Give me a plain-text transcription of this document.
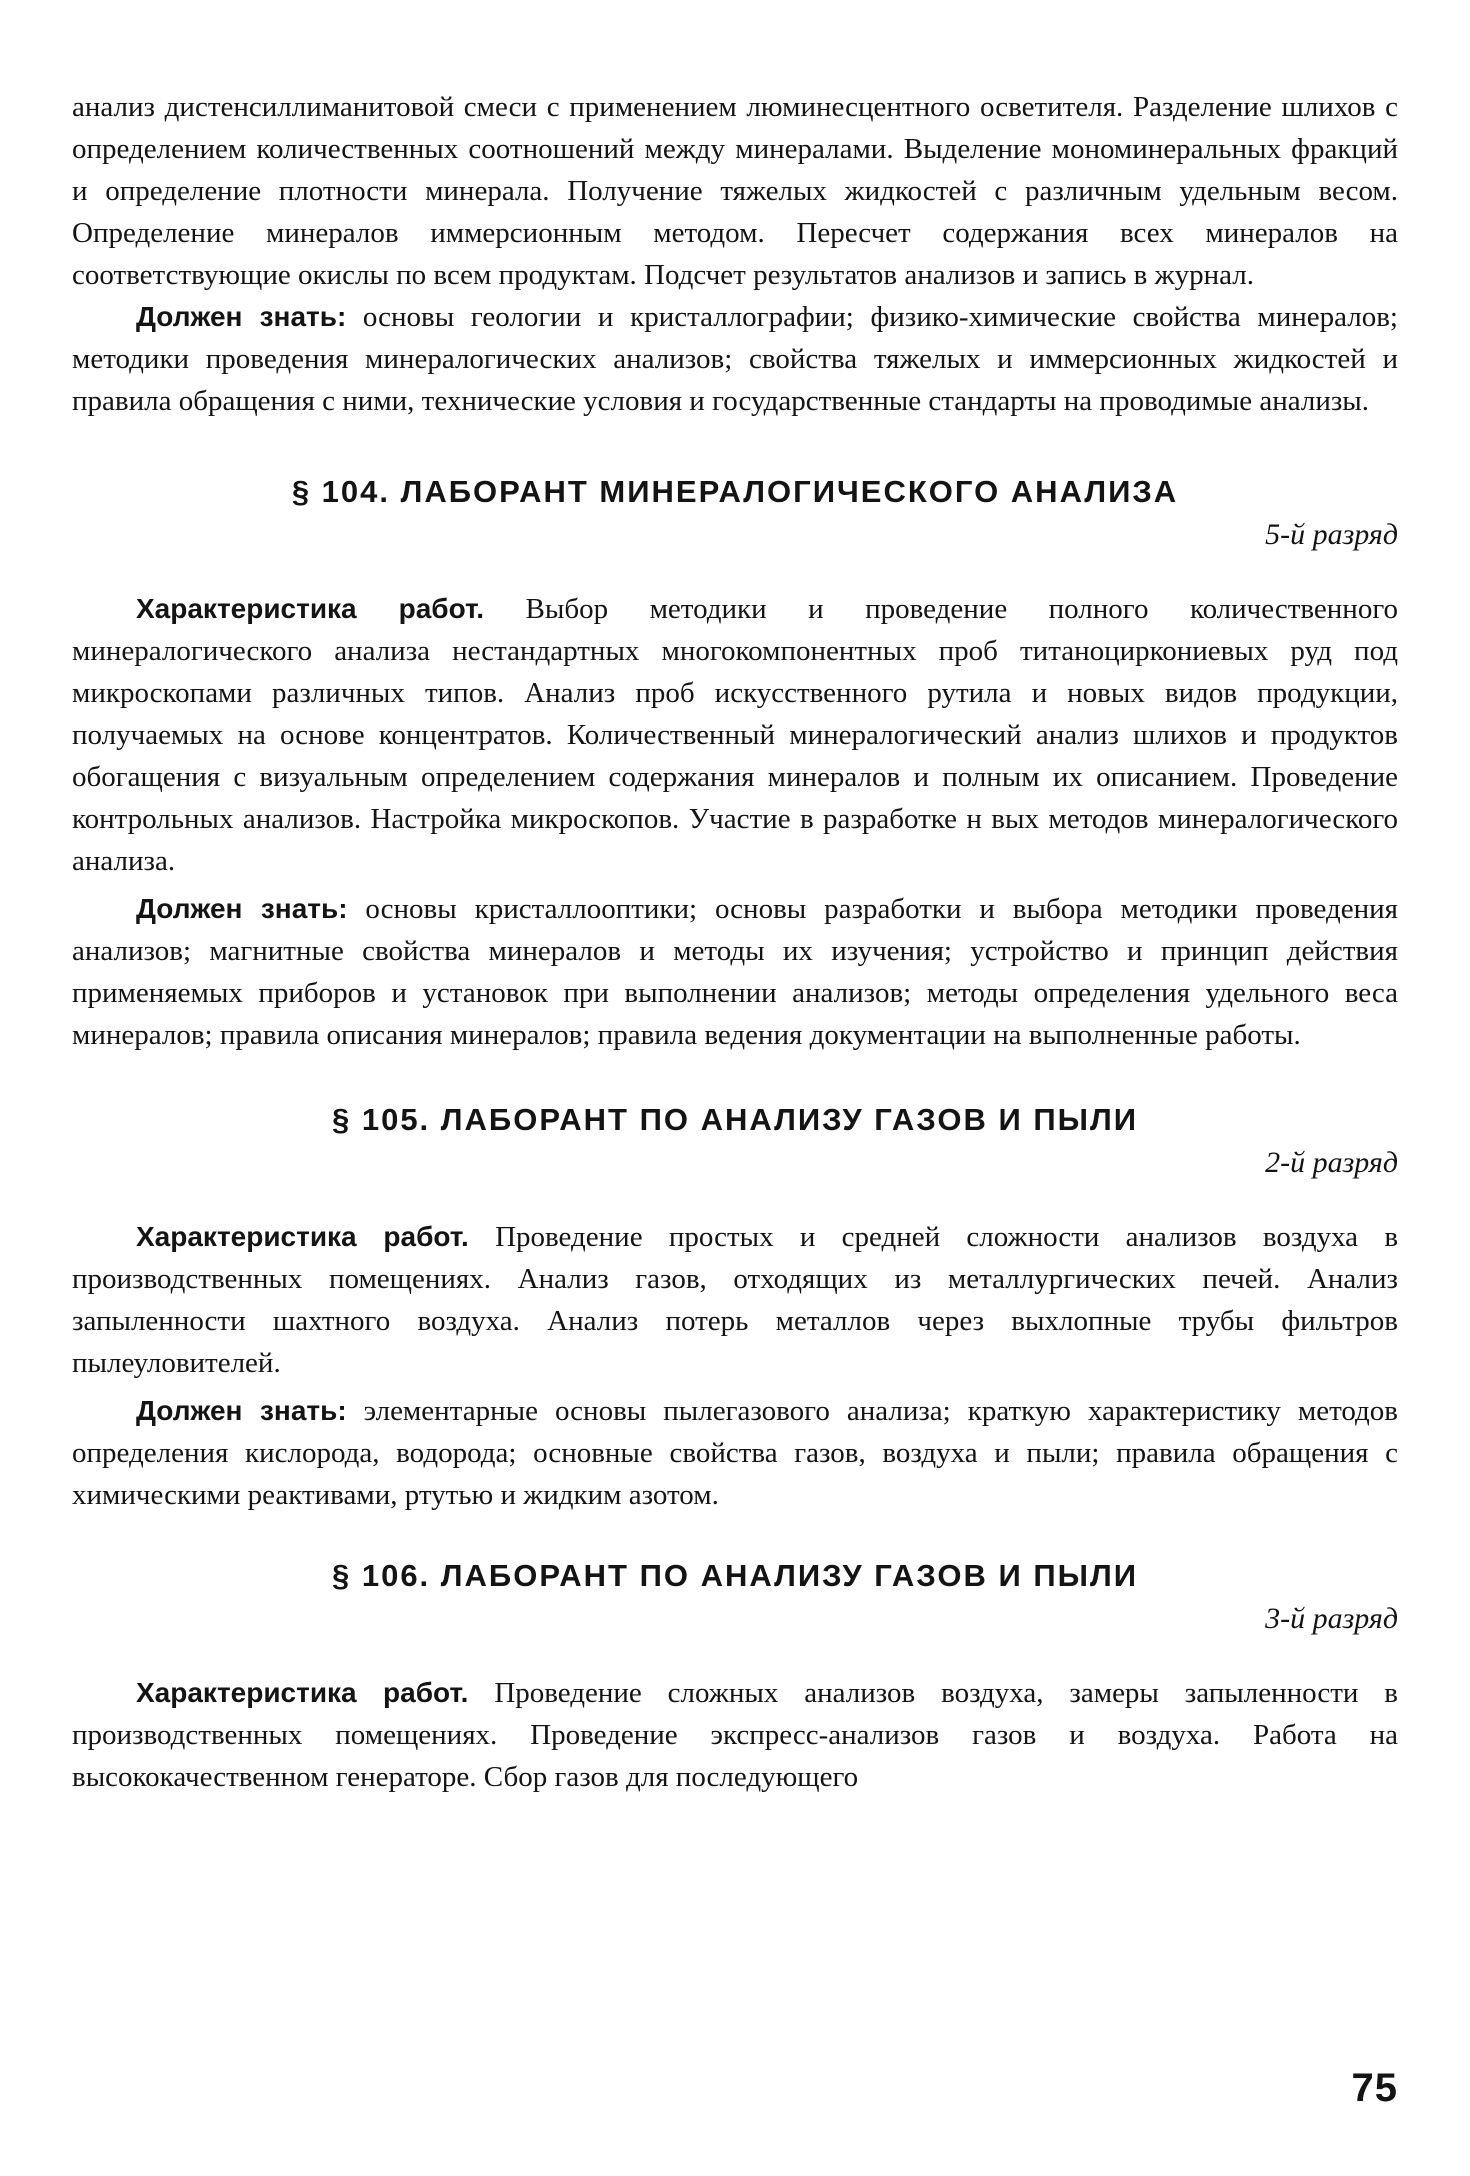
анализ дистенсиллиманитовой смеси с применением люминесцентного осветителя. Разделение шлихов с определением количественных соотношений между минералами. Выделение мономинеральных фракций и определение плотности минерала. Получение тяжелых жидкостей с различным удельным весом. Определение минералов иммерсионным методом. Пересчет содержания всех минералов на соответствующие окислы по всем продуктам. Подсчет результатов анализов и запись в журнал.

Должен знать: основы геологии и кристаллографии; физико-химические свойства минералов; методики проведения минералогических анализов; свойства тяжелых и иммерсионных жидкостей и правила обращения с ними, технические условия и государственные стандарты на проводимые анализы.

§ 104. ЛАБОРАНТ МИНЕРАЛОГИЧЕСКОГО АНАЛИЗА

5-й разряд

Характеристика работ. Выбор методики и проведение полного количественного минералогического анализа нестандартных многокомпонентных проб титаноциркониевых руд под микроскопами различных типов. Анализ проб искусственного рутила и новых видов продукции, получаемых на основе концентратов. Количественный минералогический анализ шлихов и продуктов обогащения с визуальным определением содержания минералов и полным их описанием. Проведение контрольных анализов. Настройка микроскопов. Участие в разработке н вых методов минералогического анализа.

Должен знать: основы кристаллооптики; основы разработки и выбора методики проведения анализов; магнитные свойства минералов и методы их изучения; устройство и принцип действия применяемых приборов и установок при выполнении анализов; методы определения удельного веса минералов; правила описания минералов; правила ведения документации на выполненные работы.

§ 105. ЛАБОРАНТ ПО АНАЛИЗУ ГАЗОВ И ПЫЛИ

2-й разряд

Характеристика работ. Проведение простых и средней сложности анализов воздуха в производственных помещениях. Анализ газов, отходящих из металлургических печей. Анализ запыленности шахтного воздуха. Анализ потерь металлов через выхлопные трубы фильтров пылеуловителей.

Должен знать: элементарные основы пылегазового анализа; краткую характеристику методов определения кислорода, водорода; основные свойства газов, воздуха и пыли; правила обращения с химическими реактивами, ртутью и жидким азотом.

§ 106. ЛАБОРАНТ ПО АНАЛИЗУ ГАЗОВ И ПЫЛИ

3-й разряд

Характеристика работ. Проведение сложных анализов воздуха, замеры запыленности в производственных помещениях. Проведение экспресс-анализов газов и воздуха. Работа на высококачественном генераторе. Сбор газов для последующего

75
